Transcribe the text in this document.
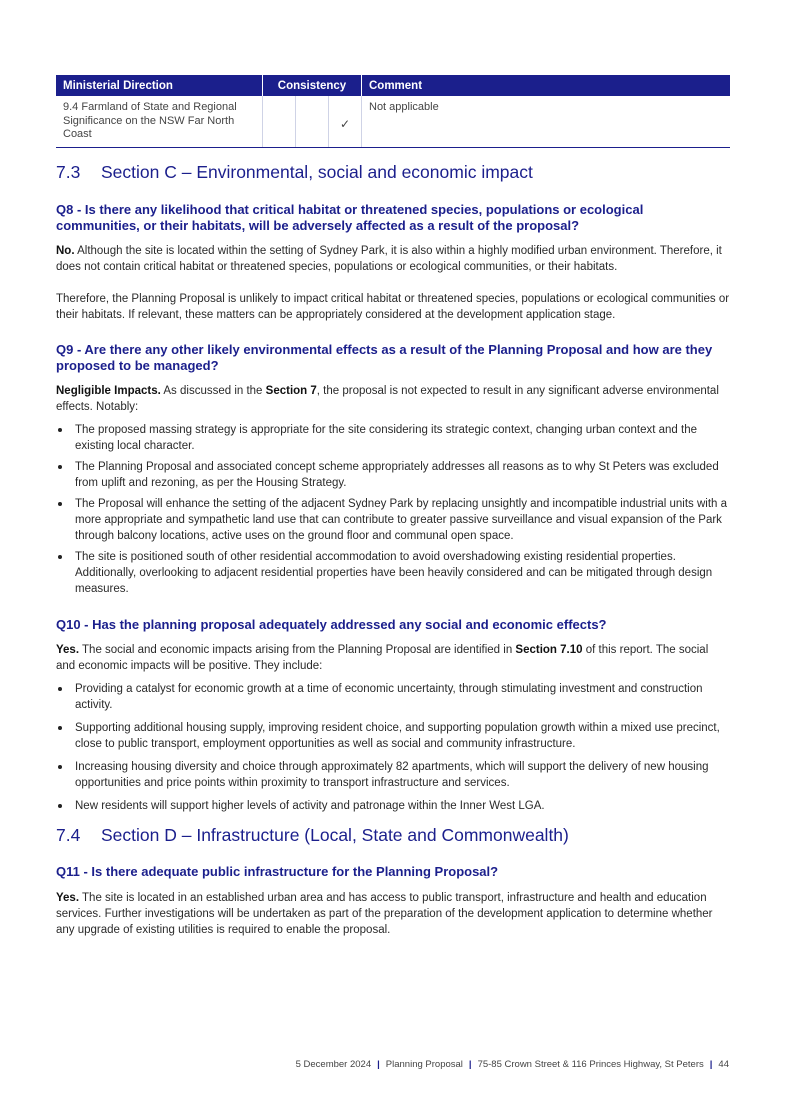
Ministerial Direction	Consistency			Comment
9.4 Farmland of State and Regional Significance on the NSW Far North Coast			✓	Not applicable
7.3	Section C – Environmental, social and economic impact
Q8 - Is there any likelihood that critical habitat or threatened species, populations or ecological communities, or their habitats, will be adversely affected as a result of the proposal?

No. Although the site is located within the setting of Sydney Park, it is also within a highly modified urban environment. Therefore, it does not contain critical habitat or threatened species, populations or ecological communities, or their habitats.

Therefore, the Planning Proposal is unlikely to impact critical habitat or threatened species, populations or ecological communities or their habitats. If relevant, these matters can be appropriately considered at the development application stage.

Q9 - Are there any other likely environmental effects as a result of the Planning Proposal and how are they proposed to be managed?

Negligible Impacts. As discussed in the Section 7, the proposal is not expected to result in any significant adverse environmental effects. Notably:

The proposed massing strategy is appropriate for the site considering its strategic context, changing urban context and the existing local character.
The Planning Proposal and associated concept scheme appropriately addresses all reasons as to why St Peters was excluded from uplift and rezoning, as per the Housing Strategy.
The Proposal will enhance the setting of the adjacent Sydney Park by replacing unsightly and incompatible industrial units with a more appropriate and sympathetic land use that can contribute to greater passive surveillance and visual expansion of the Park through balcony locations, active uses on the ground floor and communal open space.
The site is positioned south of other residential accommodation to avoid overshadowing existing residential properties. Additionally, overlooking to adjacent residential properties have been heavily considered and can be mitigated through design measures.
Q10 - Has the planning proposal adequately addressed any social and economic effects?

Yes. The social and economic impacts arising from the Planning Proposal are identified in Section 7.10 of this report. The social and economic impacts will be positive. They include:

Providing a catalyst for economic growth at a time of economic uncertainty, through stimulating investment and construction activity.
Supporting additional housing supply, improving resident choice, and supporting population growth within a mixed use precinct, close to public transport, employment opportunities as well as social and community infrastructure.
Increasing housing diversity and choice through approximately 82 apartments, which will support the delivery of new housing opportunities and price points within proximity to transport infrastructure and services.
New residents will support higher levels of activity and patronage within the Inner West LGA.
7.4	Section D – Infrastructure (Local, State and Commonwealth)
Q11 - Is there adequate public infrastructure for the Planning Proposal?

Yes. The site is located in an established urban area and has access to public transport, infrastructure and health and education services. Further investigations will be undertaken as part of the preparation of the development application to determine whether any upgrade of existing utilities is required to enable the proposal.

5 December 2024 | Planning Proposal | 75-85 Crown Street & 116 Princes Highway, St Peters | 44
